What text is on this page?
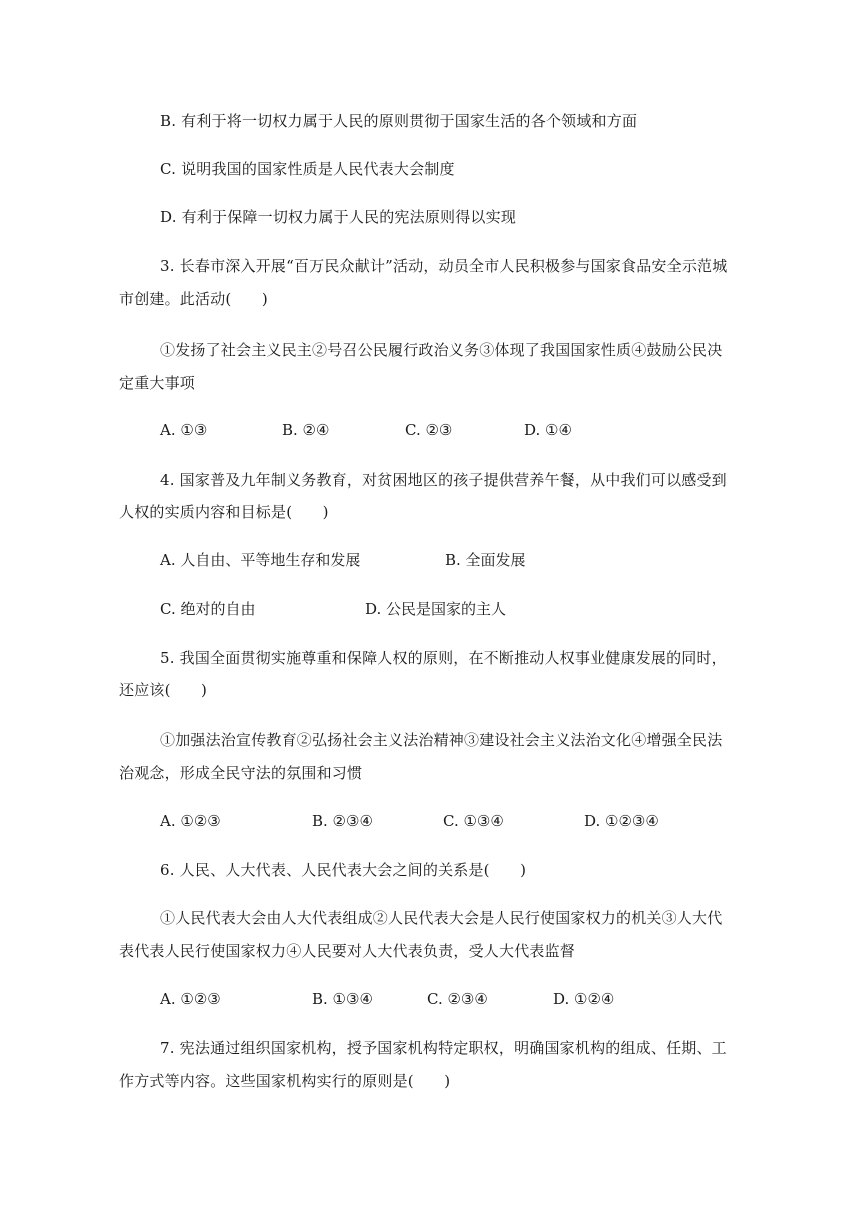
B. 有利于将一切权力属于人民的原则贯彻于国家生活的各个领域和方面
C. 说明我国的国家性质是人民代表大会制度
D. 有利于保障一切权力属于人民的宪法原则得以实现
3. 长春市深入开展“百万民众献计”活动，动员全市人民积极参与国家食品安全示范城
市创建。此活动(　　)
①发扬了社会主义民主②号召公民履行政治义务③体现了我国国家性质④鼓励公民决
定重大事项
A. ①③	B. ②④	C. ②③	D. ①④
4. 国家普及九年制义务教育，对贫困地区的孩子提供营养午餐，从中我们可以感受到
人权的实质内容和目标是(　　)
A. 人自由、平等地生存和发展	B. 全面发展
C. 绝对的自由	D. 公民是国家的主人
5. 我国全面贯彻实施尊重和保障人权的原则，在不断推动人权事业健康发展的同时，
还应该(　　)
①加强法治宣传教育②弘扬社会主义法治精神③建设社会主义法治文化④增强全民法
治观念，形成全民守法的氛围和习惯
A. ①②③	B. ②③④	C. ①③④	D. ①②③④
6. 人民、人大代表、人民代表大会之间的关系是(　　)
①人民代表大会由人大代表组成②人民代表大会是人民行使国家权力的机关③人大代
表代表人民行使国家权力④人民要对人大代表负责，受人大代表监督
A. ①②③	B. ①③④	C. ②③④	D. ①②④
7. 宪法通过组织国家机构，授予国家机构特定职权，明确国家机构的组成、任期、工
作方式等内容。这些国家机构实行的原则是(　　)
